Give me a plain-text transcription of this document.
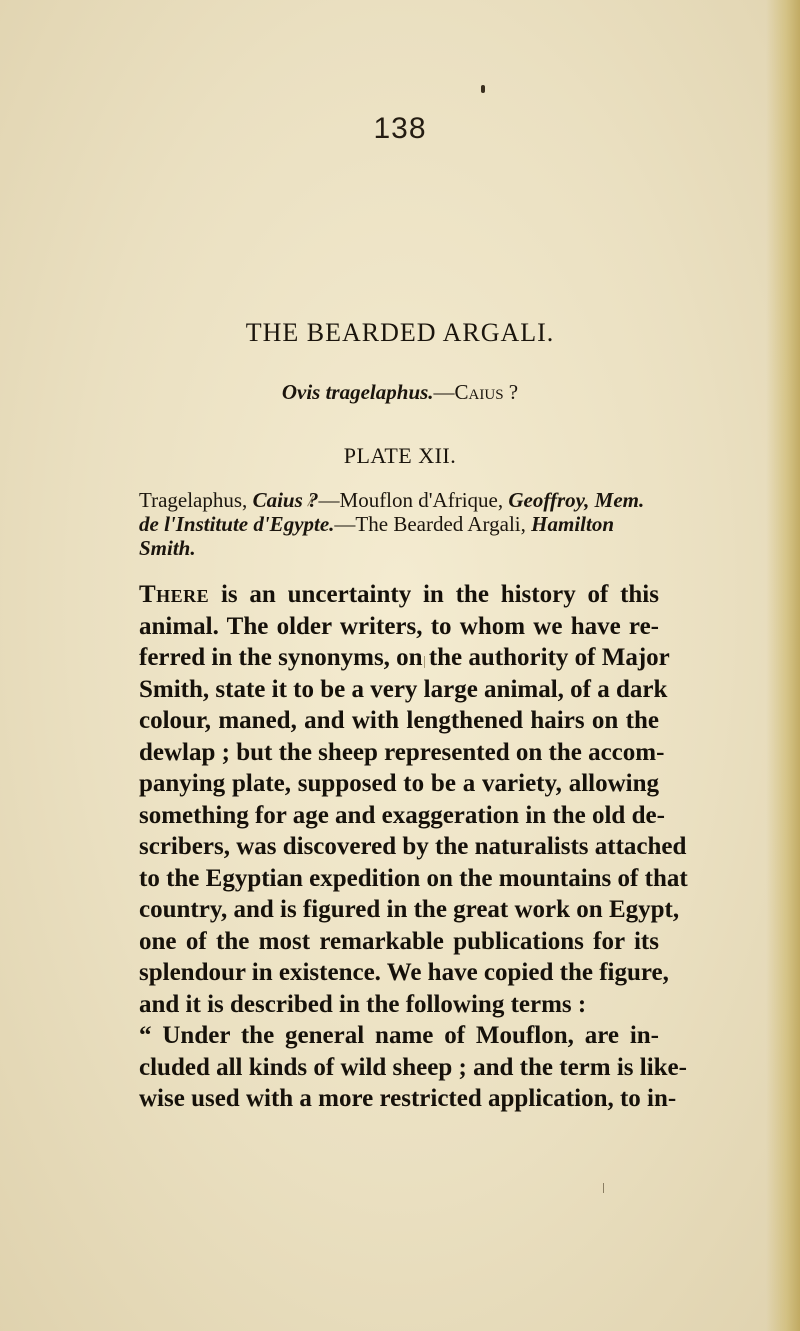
138
THE BEARDED ARGALI.
Ovis tragelaphus.—Caius ?
PLATE XII.
Tragelaphus, Caius ?—Mouflon d'Afrique, Geoffroy, Mem.
de l'Institute d'Egypte.—The Bearded Argali, Hamilton
Smith.
There is an uncertainty in the history of this
animal. The older writers, to whom we have re-
ferred in the synonyms, on the authority of Major
Smith, state it to be a very large animal, of a dark
colour, maned, and with lengthened hairs on the
dewlap ; but the sheep represented on the accom-
panying plate, supposed to be a variety, allowing
something for age and exaggeration in the old de-
scribers, was discovered by the naturalists attached
to the Egyptian expedition on the mountains of that
country, and is figured in the great work on Egypt,
one of the most remarkable publications for its
splendour in existence. We have copied the figure,
and it is described in the following terms :
“ Under the general name of Mouflon, are in-
cluded all kinds of wild sheep ; and the term is like-
wise used with a more restricted application, to in-
